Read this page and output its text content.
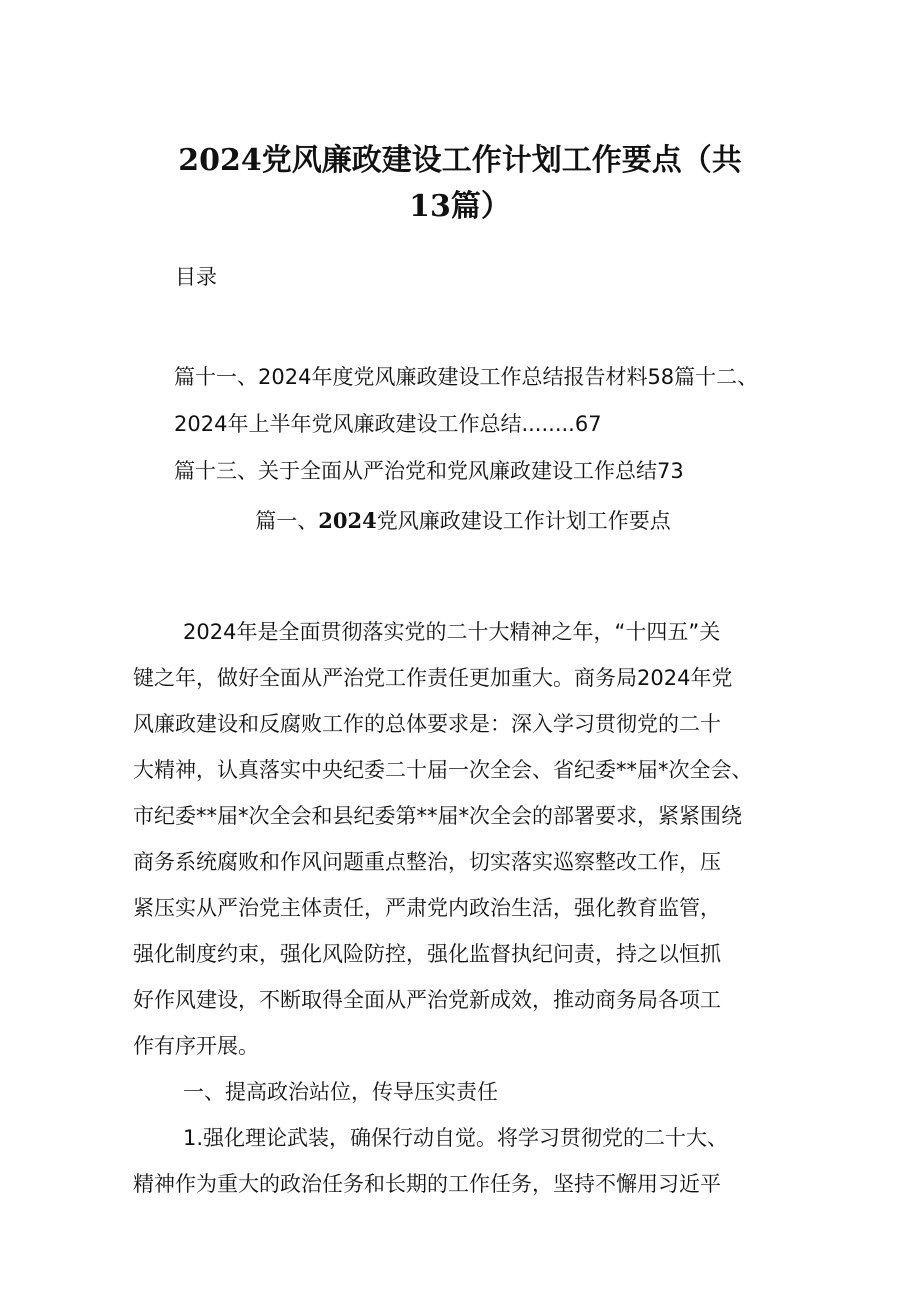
2024党风廉政建设工作计划工作要点（共
13篇）
目录
篇十一、2024年度党风廉政建设工作总结报告材料58篇十二、
2024年上半年党风廉政建设工作总结........67
篇十三、关于全面从严治党和党风廉政建设工作总结73
篇一、2024党风廉政建设工作计划工作要点
2024年是全面贯彻落实党的二十大精神之年，“十四五”关
键之年，做好全面从严治党工作责任更加重大。商务局2024年党
风廉政建设和反腐败工作的总体要求是：深入学习贯彻党的二十
大精神，认真落实中央纪委二十届一次全会、省纪委**届*次全会、
市纪委**届*次全会和县纪委第**届*次全会的部署要求，紧紧围绕
商务系统腐败和作风问题重点整治，切实落实巡察整改工作，压
紧压实从严治党主体责任，严肃党内政治生活，强化教育监管，
强化制度约束，强化风险防控，强化监督执纪问责，持之以恒抓
好作风建设，不断取得全面从严治党新成效，推动商务局各项工
作有序开展。
一、提高政治站位，传导压实责任
1.强化理论武装，确保行动自觉。将学习贯彻党的二十大、
精神作为重大的政治任务和长期的工作任务，坚持不懈用习近平
